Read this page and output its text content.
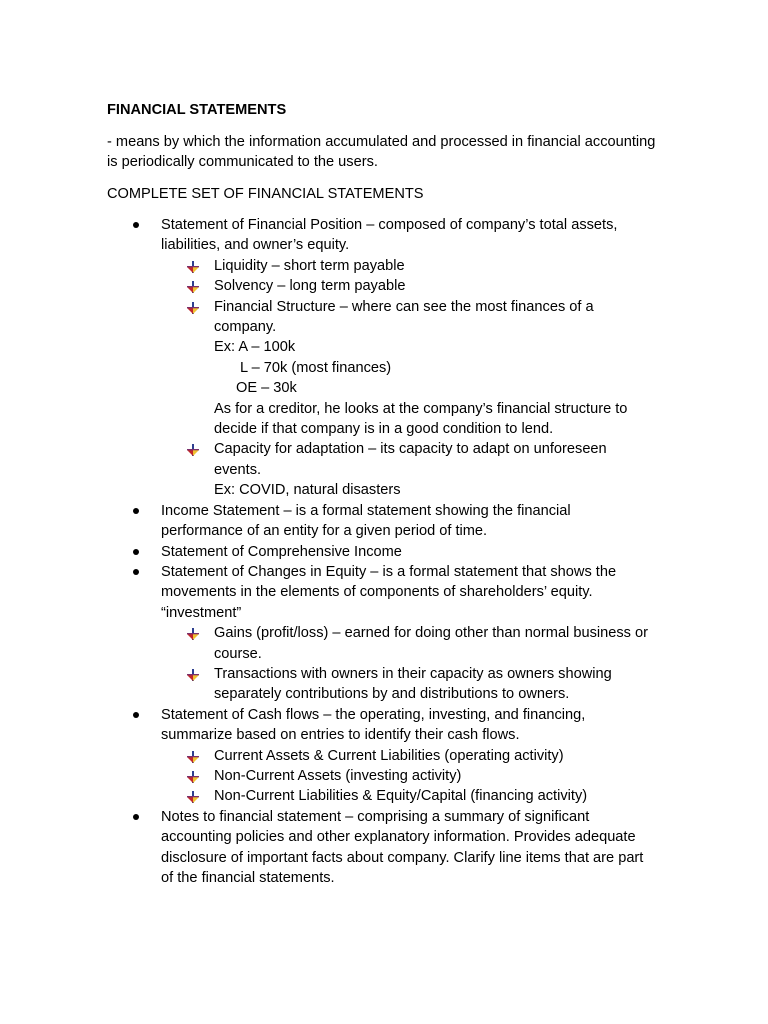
FINANCIAL STATEMENTS

- means by which the information accumulated and processed in financial accounting is periodically communicated to the users.

COMPLETE SET OF FINANCIAL STATEMENTS

Statement of Financial Position – composed of company’s total assets, liabilities, and owner’s equity.
Liquidity – short term payable
Solvency – long term payable
Financial Structure – where can see the most finances of a company.
Ex: A – 100k
L – 70k (most finances)
OE – 30k
As for a creditor, he looks at the company’s financial structure to decide if that company is in a good condition to lend.
Capacity for adaptation – its capacity to adapt on unforeseen events.
Ex: COVID, natural disasters
Income Statement – is a formal statement showing the financial performance of an entity for a given period of time.
Statement of Comprehensive Income
Statement of Changes in Equity – is a formal statement that shows the movements in the elements of components of shareholders’ equity.
“investment”
Gains (profit/loss) – earned for doing other than normal business or course.
Transactions with owners in their capacity as owners showing separately contributions by and distributions to owners.
Statement of Cash flows – the operating, investing, and financing, summarize based on entries to identify their cash flows.
Current Assets & Current Liabilities (operating activity)
Non-Current Assets (investing activity)
Non-Current Liabilities & Equity/Capital (financing activity)
Notes to financial statement – comprising a summary of significant accounting policies and other explanatory information. Provides adequate disclosure of important facts about company. Clarify line items that are part of the financial statements.
